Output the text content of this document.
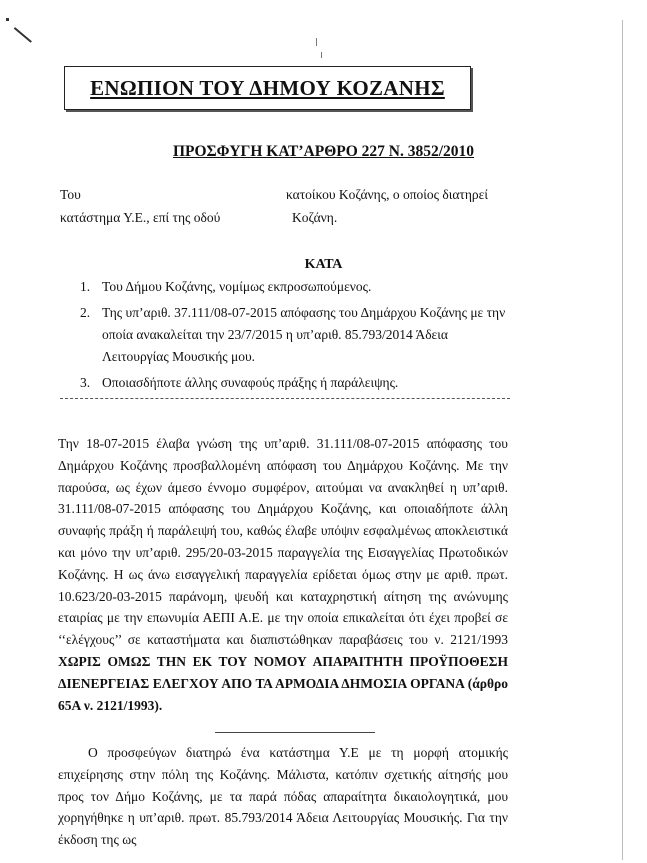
ΕΝΩΠΙΟΝ ΤΟΥ ΔΗΜΟΥ ΚΟΖΑΝΗΣ
ΠΡΟΣΦΥΓΗ ΚΑΤ’ΑΡΘΡΟ 227 Ν. 3852/2010
Του	κατοίκου Κοζάνης, ο οποίος διατηρεί
κατάστημα Υ.Ε., επί της οδού	Κοζάνη.
ΚΑΤΑ
1. Του Δήμου Κοζάνης, νομίμως εκπροσωπούμενος.
2. Της υπ’αριθ. 37.111/08-07-2015 απόφασης του Δημάρχου Κοζάνης με την οποία ανακαλείται την 23/7/2015 η υπ’αριθ. 85.793/2014 Άδεια Λειτουργίας Μουσικής μου.
3. Οποιασδήποτε άλλης συναφούς πράξης ή παράλειψης.

Την 18-07-2015 έλαβα γνώση της υπ’αριθ. 31.111/08-07-2015 απόφασης του Δημάρχου Κοζάνης προσβαλλομένη απόφαση του Δημάρχου Κοζάνης. Με την παρούσα, ως έχων άμεσο έννομο συμφέρον, αιτούμαι να ανακληθεί η υπ’αριθ. 31.111/08-07-2015 απόφασης του Δημάρχου Κοζάνης, και οποιαδήποτε άλλη συναφής πράξη ή παράλειψή του, καθώς έλαβε υπόψιν εσφαλμένως αποκλειστικά και μόνο την υπ’αριθ. 295/20-03-2015 παραγγελία της Εισαγγελίας Πρωτοδικών Κοζάνης. Η ως άνω εισαγγελική παραγγελία ερίδεται όμως στην με αριθ. πρωτ. 10.623/20-03-2015 παράνομη, ψευδή και καταχρηστική αίτηση της ανώνυμης εταιρίας με την επωνυμία ΑΕΠΙ Α.Ε. με την οποία επικαλείται ότι έχει προβεί σε ‘‘ελέγχους’’ σε καταστήματα και διαπιστώθηκαν παραβάσεις του ν. 2121/1993 ΧΩΡΙΣ ΟΜΩΣ ΤΗΝ ΕΚ ΤΟΥ ΝΟΜΟΥ ΑΠΑΡΑΙΤΗΤΗ ΠΡΟΫΠΟΘΕΣΗ ΔΙΕΝΕΡΓΕΙΑΣ ΕΛΕΓΧΟΥ ΑΠΟ ΤΑ ΑΡΜΟΔΙΑ ΔΗΜΟΣΙΑ ΟΡΓΑΝΑ (άρθρο 65Α ν. 2121/1993).

Ο προσφεύγων διατηρώ ένα κατάστημα Υ.Ε με τη μορφή ατομικής επιχείρησης στην πόλη της Κοζάνης. Μάλιστα, κατόπιν σχετικής αίτησής μου προς τον Δήμο Κοζάνης, με τα παρά πόδας απαραίτητα δικαιολογητικά, μου χορηγήθηκε η υπ’αριθ. πρωτ. 85.793/2014 Άδεια Λειτουργίας Μουσικής. Για την έκδοση της ως
